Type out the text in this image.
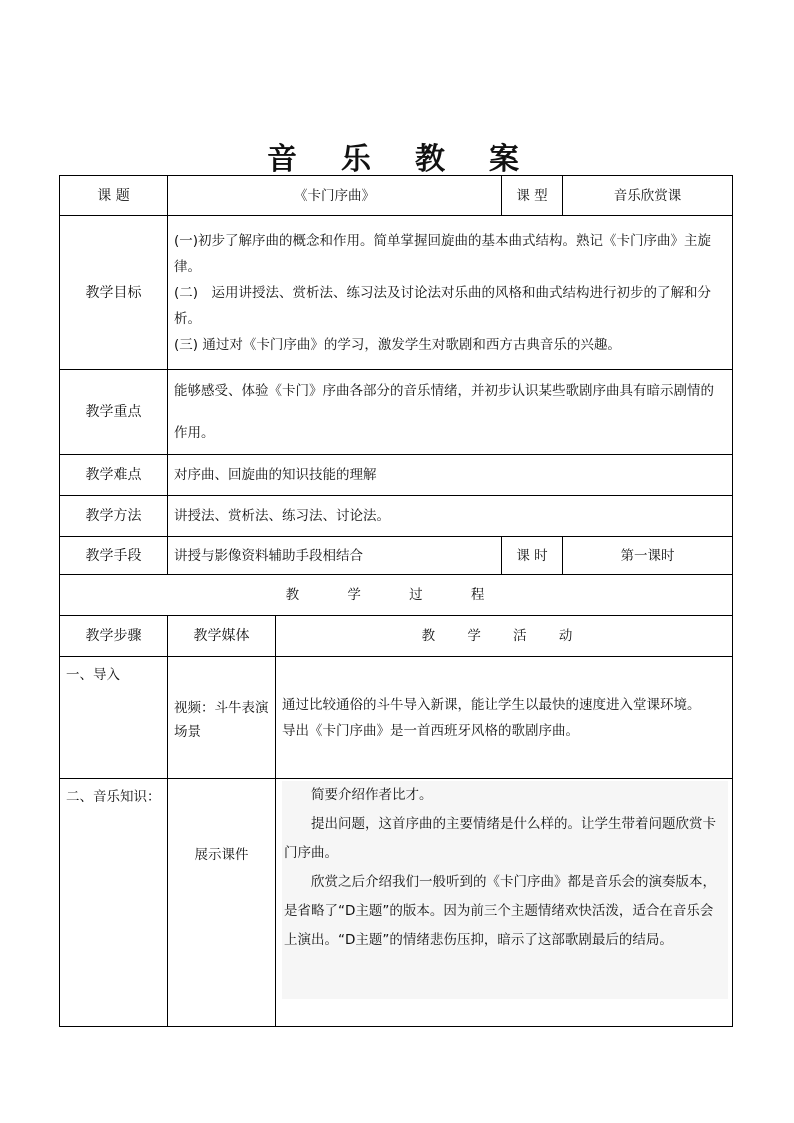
音 乐 教 案
课 题	《卡门序曲》		课 型	音乐欣赏课
教学目标	(一)初步了解序曲的概念和作用。简单掌握回旋曲的基本曲式结构。熟记《卡门序曲》主旋律。

(二)　运用讲授法、赏析法、练习法及讨论法对乐曲的风格和曲式结构进行初步的了解和分析。

(三) 通过对《卡门序曲》的学习，激发学生对歌剧和西方古典音乐的兴趣。			

教学重点	能够感受、体验《卡门》序曲各部分的音乐情绪，并初步认识某些歌剧序曲具有暗示剧情的作用。			

教学难点	对序曲、回旋曲的知识技能的理解			
教学方法	讲授法、赏析法、练习法、讨论法。			
教学手段	讲授与影像资料辅助手段相结合		课 时	第一课时
教 学 过 程				
教学步骤	教学媒体	教 学 活 动		
一、导入	视频：斗牛表演 场景	通过比较通俗的斗牛导入新课，能让学生以最快的速度进入堂课环境。
导出《卡门序曲》是一首西班牙风格的歌剧序曲。		

二、音乐知识：	展示课件	简要介绍作者比才。

提出问题，这首序曲的主要情绪是什么样的。让学生带着问题欣赏卡门序曲。

欣赏之后介绍我们一般听到的《卡门序曲》都是音乐会的演奏版本，是省略了“D主题”的版本。因为前三个主题情绪欢快活泼，适合在音乐会上演出。“D主题”的情绪悲伤压抑，暗示了这部歌剧最后的结局。		
